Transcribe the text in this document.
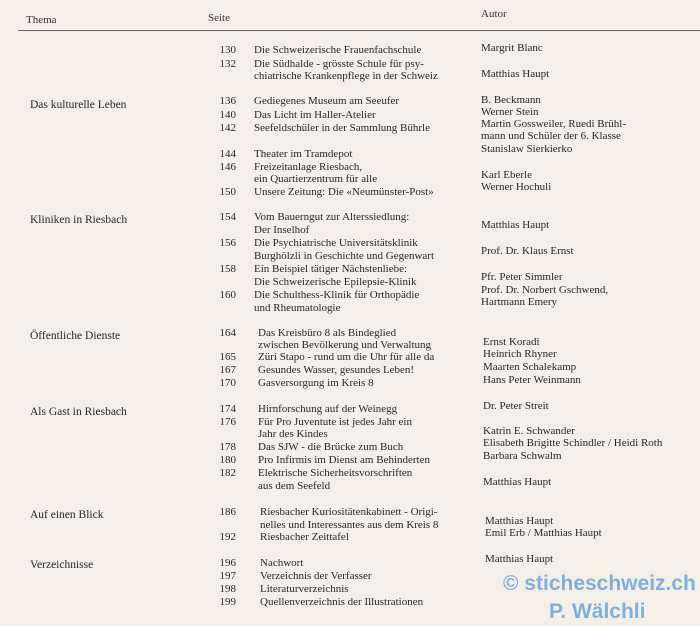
Thema	Seite	Autor
Das kulturelle Leben
Kliniken in Riesbach
Öffentliche Dienste
Als Gast in Riesbach
Auf einen Blick
Verzeichnisse
130
132
136
140
142
144
146
150
154
156
158
160
164
165
167
170
174
176
178
180
182
186
192
196
197
198
199
Die Schweizerische Frauenfachschule
Die Südhalde - grösste Schule für psy-
chiatrische Krankenpflege in der Schweiz
Gediegenes Museum am Seeufer
Das Licht im Haller-Atelier
Seefeldschüler in der Sammlung Bührle
Theater im Tramdepot
Freizeitanlage Riesbach,
ein Quartierzentrum für alle
Unsere Zeitung: Die «Neumünster-Post»
Vom Bauerngut zur Alterssiedlung:
Der Inselhof
Die Psychiatrische Universitätsklinik
Burghölzli in Geschichte und Gegenwart
Ein Beispiel tätiger Nächstenliebe:
Die Schweizerische Epilepsie-Klinik
Die Schulthess-Klinik für Orthopädie
und Rheumatologie
Das Kreisbüro 8 als Bindeglied
zwischen Bevölkerung und Verwaltung
Züri Stapo - rund um die Uhr für alle da
Gesundes Wasser, gesundes Leben!
Gasversorgung im Kreis 8
Hirnforschung auf der Weinegg
Für Pro Juventute ist jedes Jahr ein
Jahr des Kindes
Das SJW - die Brücke zum Buch
Pro Infirmis im Dienst am Behinderten
Elektrische Sicherheitsvorschriften
aus dem Seefeld
Riesbacher Kuriositätenkabinett - Origi-
nelles und Interessantes aus dem Kreis 8
Riesbacher Zeittafel
Nachwort
Verzeichnis der Verfasser
Literaturverzeichnis
Quellenverzeichnis der Illustrationen
Margrit Blanc
Matthias Haupt
B. Beckmann
Werner Stein
Martin Gossweiler, Ruedi Brühl-
mann und Schüler der 6. Klasse
Stanislaw Sierkierko
Karl Eberle
Werner Hochuli
Matthias Haupt
Prof. Dr. Klaus Ernst
Pfr. Peter Simmler
Prof. Dr. Norbert Gschwend,
Hartmann Emery
Ernst Koradi
Heinrich Rhyner
Maarten Schalekamp
Hans Peter Weinmann
Dr. Peter Streit
Katrin E. Schwander
Elisabeth Brigitte Schindler / Heidi Roth
Barbara Schwalm
Matthias Haupt
Matthias Haupt
Emil Erb / Matthias Haupt
Matthias Haupt
© sticheschweiz.ch
P. Wälchli
